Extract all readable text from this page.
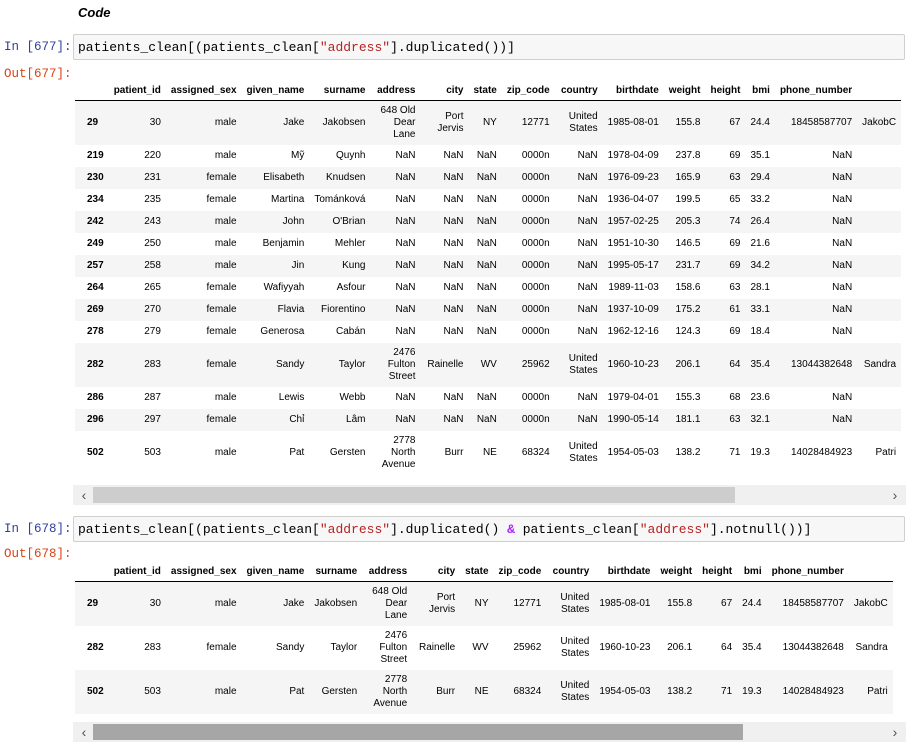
Code
In [677]: patients_clean[(patients_clean["address"].duplicated())]
Out[677]:
	patient_id	assigned_sex	given_name	surname	address	city	state	zip_code	country	birthdate	weight	height	bmi	phone_number	
29	30	male	Jake	Jakobsen	648 Old Dear Lane	Port Jervis	NY	12771	United States	1985-08-01	155.8	67	24.4	18458587707	JakobC
219	220	male	Mỹ	Quynh	NaN	NaN	NaN	0000n	NaN	1978-04-09	237.8	69	35.1	NaN	
230	231	female	Elisabeth	Knudsen	NaN	NaN	NaN	0000n	NaN	1976-09-23	165.9	63	29.4	NaN	
234	235	female	Martina	Tománková	NaN	NaN	NaN	0000n	NaN	1936-04-07	199.5	65	33.2	NaN	
242	243	male	John	O'Brian	NaN	NaN	NaN	0000n	NaN	1957-02-25	205.3	74	26.4	NaN	
249	250	male	Benjamin	Mehler	NaN	NaN	NaN	0000n	NaN	1951-10-30	146.5	69	21.6	NaN	
257	258	male	Jin	Kung	NaN	NaN	NaN	0000n	NaN	1995-05-17	231.7	69	34.2	NaN	
264	265	female	Wafiyyah	Asfour	NaN	NaN	NaN	0000n	NaN	1989-11-03	158.6	63	28.1	NaN	
269	270	female	Flavia	Fiorentino	NaN	NaN	NaN	0000n	NaN	1937-10-09	175.2	61	33.1	NaN	
278	279	female	Generosa	Cabán	NaN	NaN	NaN	0000n	NaN	1962-12-16	124.3	69	18.4	NaN	
282	283	female	Sandy	Taylor	2476 Fulton Street	Rainelle	WV	25962	United States	1960-10-23	206.1	64	35.4	13044382648	Sandra
286	287	male	Lewis	Webb	NaN	NaN	NaN	0000n	NaN	1979-04-01	155.3	68	23.6	NaN	
296	297	female	Chỉ	Lâm	NaN	NaN	NaN	0000n	NaN	1990-05-14	181.1	63	32.1	NaN	
502	503	male	Pat	Gersten	2778 North Avenue	Burr	NE	68324	United States	1954-05-03	138.2	71	19.3	14028484923	Patri
‹	›
In [678]: patients_clean[(patients_clean["address"].duplicated() & patients_clean["address"].notnull())]
Out[678]:
	patient_id	assigned_sex	given_name	surname	address	city	state	zip_code	country	birthdate	weight	height	bmi	phone_number	
29	30	male	Jake	Jakobsen	648 Old Dear Lane	Port Jervis	NY	12771	United States	1985-08-01	155.8	67	24.4	18458587707	JakobC
282	283	female	Sandy	Taylor	2476 Fulton Street	Rainelle	WV	25962	United States	1960-10-23	206.1	64	35.4	13044382648	Sandra
502	503	male	Pat	Gersten	2778 North Avenue	Burr	NE	68324	United States	1954-05-03	138.2	71	19.3	14028484923	Patri
‹	›
